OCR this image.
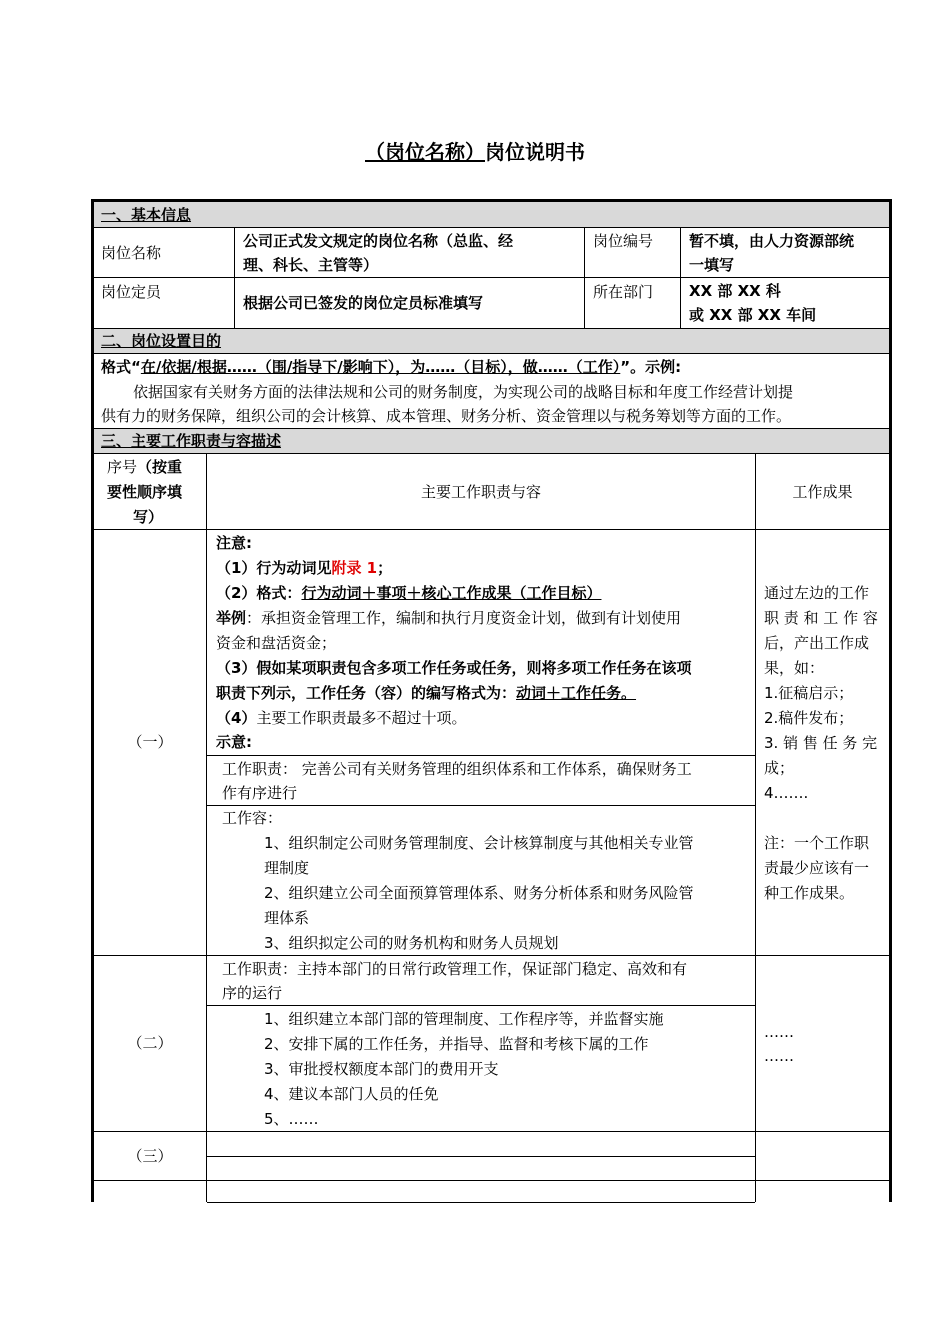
（岗位名称）岗位说明书
一、基本信息
岗位名称
公司正式发文规定的岗位名称（总监、经
理、科长、主管等）
岗位编号 暂不填，由人力资源部统
一填写
岗位定员
根据公司已签发的岗位定员标准填写
所在部门 XX 部 XX 科
或 XX 部 XX 车间
二、岗位设置目的
格式“在/依据/根据……（围/指导下/影响下），为……（目标），做……（工作）”。示例:
依据国家有关财务方面的法律法规和公司的财务制度，为实现公司的战略目标和年度工作经营计划提
供有力的财务保障，组织公司的会计核算、成本管理、财务分析、资金管理以与税务筹划等方面的工作。
三、主要工作职责与容描述
序号（按重
要性顺序填
写）
主要工作职责与容	工作成果
（一）
注意:
（1）行为动词见附录 1；
（2）格式：行为动词＋事项＋核心工作成果（工作目标）
举例：承担资金管理工作，编制和执行月度资金计划，做到有计划使用
资金和盘活资金；
（3）假如某项职责包含多项工作任务或任务，则将多项工作任务在该项
职责下列示，工作任务（容）的编写格式为：动词＋工作任务。
（4）主要工作职责最多不超过十项。
示意:
工作职责： 完善公司有关财务管理的组织体系和工作体系，确保财务工
作有序进行
工作容：
1、组织制定公司财务管理制度、会计核算制度与其他相关专业管
理制度
2、组织建立公司全面预算管理体系、财务分析体系和财务风险管
理体系
3、组织拟定公司的财务机构和财务人员规划
通过左边的工作
职 责 和 工 作 容
后，产出工作成
果，如：
1.征稿启示；
2.稿件发布；
3. 销 售 任 务 完
成；
4…….
注：一个工作职
责最少应该有一
种工作成果。
（二）
工作职责：主持本部门的日常行政管理工作，保证部门稳定、高效和有
序的运行
1、组织建立本部门部的管理制度、工作程序等，并监督实施
2、安排下属的工作任务，并指导、监督和考核下属的工作
3、审批授权额度本部门的费用开支
4、建议本部门人员的任免
5、……
……
……
（三）
